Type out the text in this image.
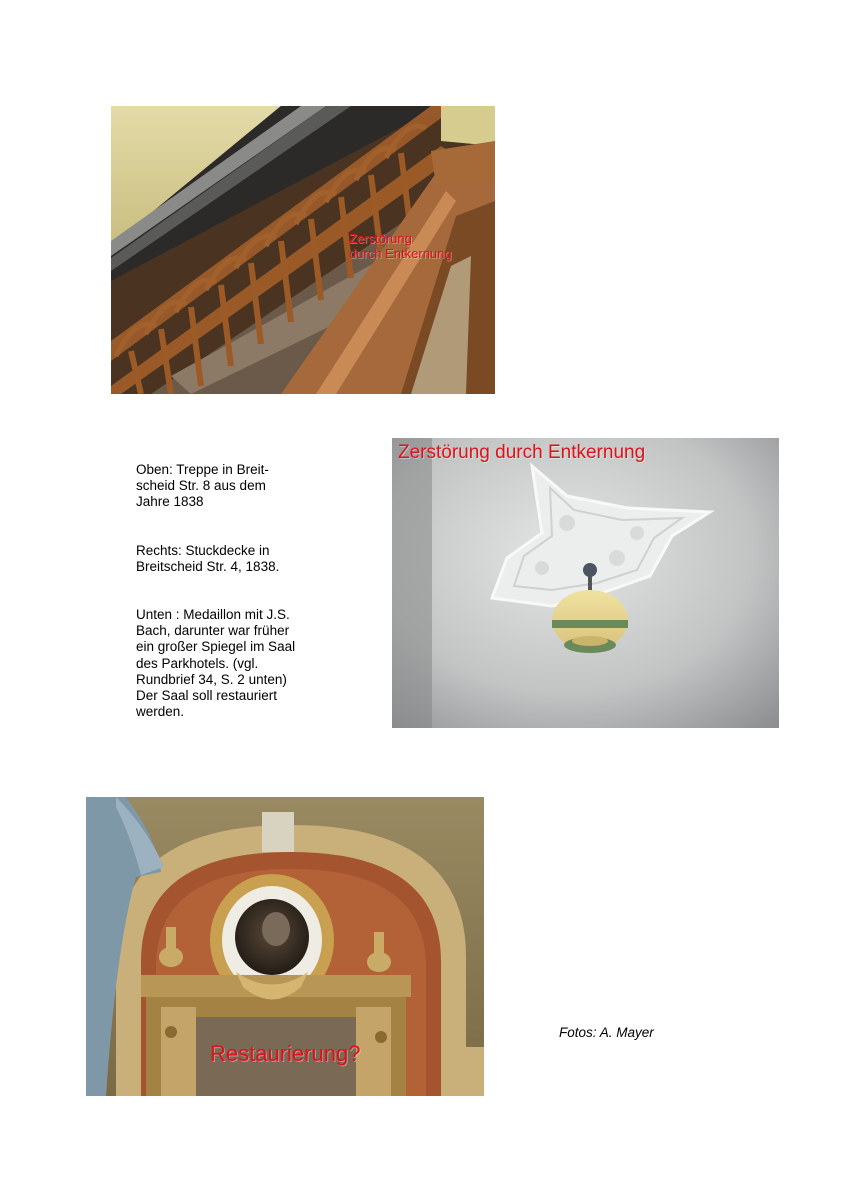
Zerstörung
durch Entkernung

Oben: Treppe in Breit-
scheid Str. 8 aus dem
Jahre 1838

Rechts: Stuckdecke in
Breitscheid Str. 4, 1838.

Unten : Medaillon mit J.S.
Bach, darunter war früher
ein großer Spiegel im Saal
des Parkhotels. (vgl.
Rundbrief 34, S. 2 unten)
Der Saal soll restauriert
werden.

Zerstörung durch Entkernung
Restaurierung?
Fotos: A. Mayer
